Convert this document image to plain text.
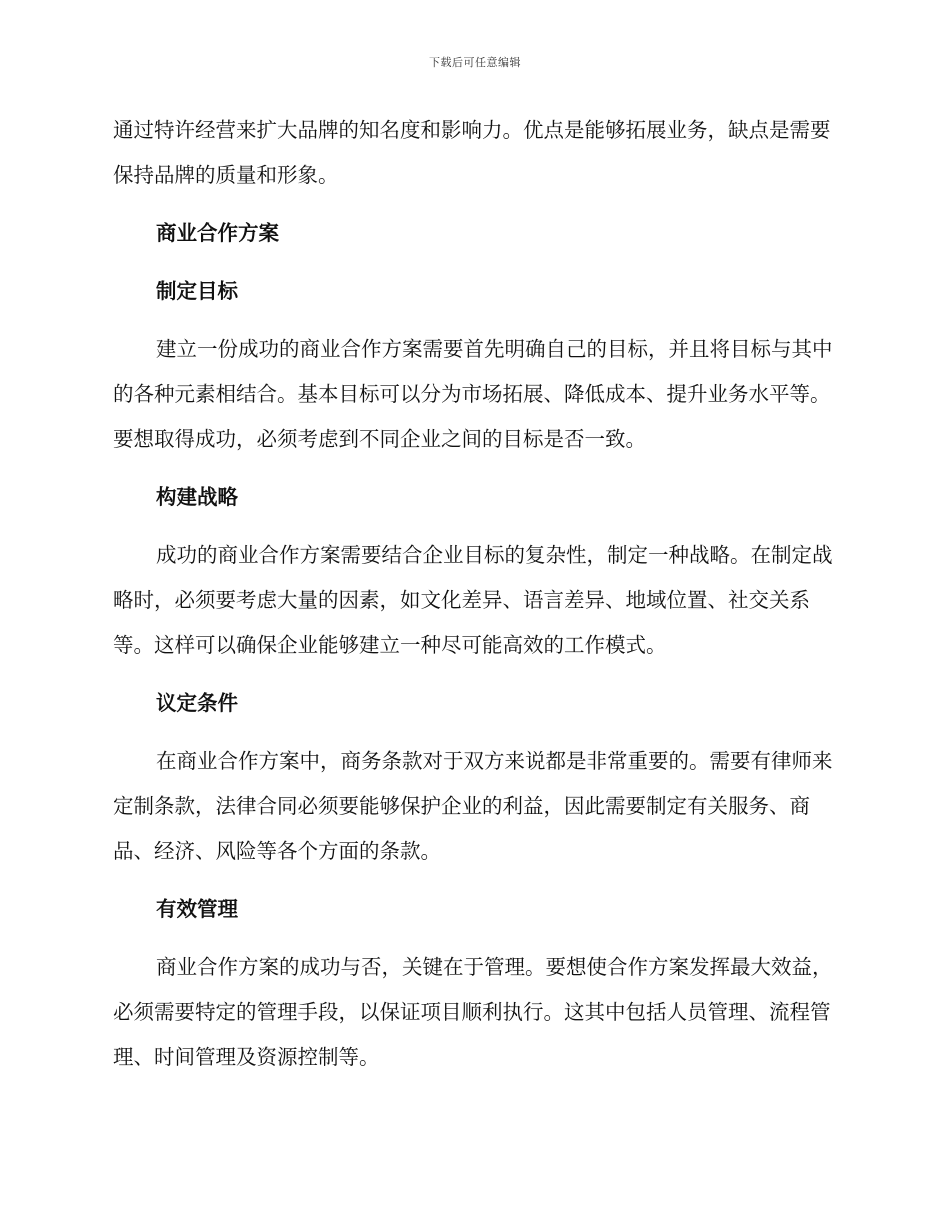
下载后可任意编辑

通过特许经营来扩大品牌的知名度和影响力。优点是能够拓展业务，缺点是需要保持品牌的质量和形象。

商业合作方案
制定目标

建立一份成功的商业合作方案需要首先明确自己的目标，并且将目标与其中的各种元素相结合。基本目标可以分为市场拓展、降低成本、提升业务水平等。要想取得成功，必须考虑到不同企业之间的目标是否一致。

构建战略

成功的商业合作方案需要结合企业目标的复杂性，制定一种战略。在制定战略时，必须要考虑大量的因素，如文化差异、语言差异、地域位置、社交关系等。这样可以确保企业能够建立一种尽可能高效的工作模式。

议定条件

在商业合作方案中，商务条款对于双方来说都是非常重要的。需要有律师来定制条款，法律合同必须要能够保护企业的利益，因此需要制定有关服务、商品、经济、风险等各个方面的条款。

有效管理

商业合作方案的成功与否，关键在于管理。要想使合作方案发挥最大效益，必须需要特定的管理手段，以保证项目顺利执行。这其中包括人员管理、流程管理、时间管理及资源控制等。
